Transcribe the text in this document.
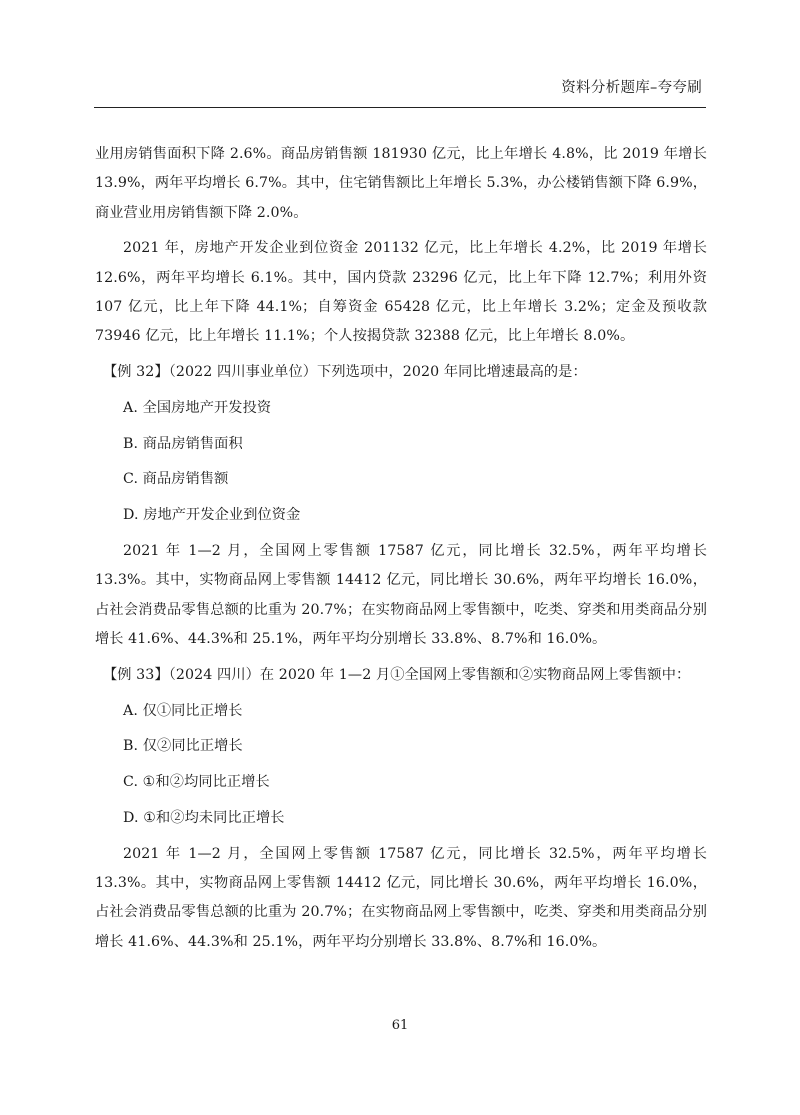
资料分析题库–夸夸刷

业用房销售面积下降 2.6%。商品房销售额 181930 亿元，比上年增长 4.8%，比 2019 年增长 13.9%，两年平均增长 6.7%。其中，住宅销售额比上年增长 5.3%，办公楼销售额下降 6.9%，商业营业用房销售额下降 2.0%。

2021 年，房地产开发企业到位资金 201132 亿元，比上年增长 4.2%，比 2019 年增长 12.6%，两年平均增长 6.1%。其中，国内贷款 23296 亿元，比上年下降 12.7%；利用外资 107 亿元，比上年下降 44.1%；自筹资金 65428 亿元，比上年增长 3.2%；定金及预收款 73946 亿元，比上年增长 11.1%；个人按揭贷款 32388 亿元，比上年增长 8.0%。

【例 32】（2022 四川事业单位）下列选项中，2020 年同比增速最高的是：

A. 全国房地产开发投资

B. 商品房销售面积

C. 商品房销售额

D. 房地产开发企业到位资金

2021 年 1—2 月，全国网上零售额 17587 亿元，同比增长 32.5%，两年平均增长 13.3%。其中，实物商品网上零售额 14412 亿元，同比增长 30.6%，两年平均增长 16.0%，占社会消费品零售总额的比重为 20.7%；在实物商品网上零售额中，吃类、穿类和用类商品分别增长 41.6%、44.3%和 25.1%，两年平均分别增长 33.8%、8.7%和 16.0%。

【例 33】（2024 四川）在 2020 年 1—2 月①全国网上零售额和②实物商品网上零售额中：

A. 仅①同比正增长

B. 仅②同比正增长

C. ①和②均同比正增长

D. ①和②均未同比正增长

2021 年 1—2 月，全国网上零售额 17587 亿元，同比增长 32.5%，两年平均增长 13.3%。其中，实物商品网上零售额 14412 亿元，同比增长 30.6%，两年平均增长 16.0%，占社会消费品零售总额的比重为 20.7%；在实物商品网上零售额中，吃类、穿类和用类商品分别增长 41.6%、44.3%和 25.1%，两年平均分别增长 33.8%、8.7%和 16.0%。

61
